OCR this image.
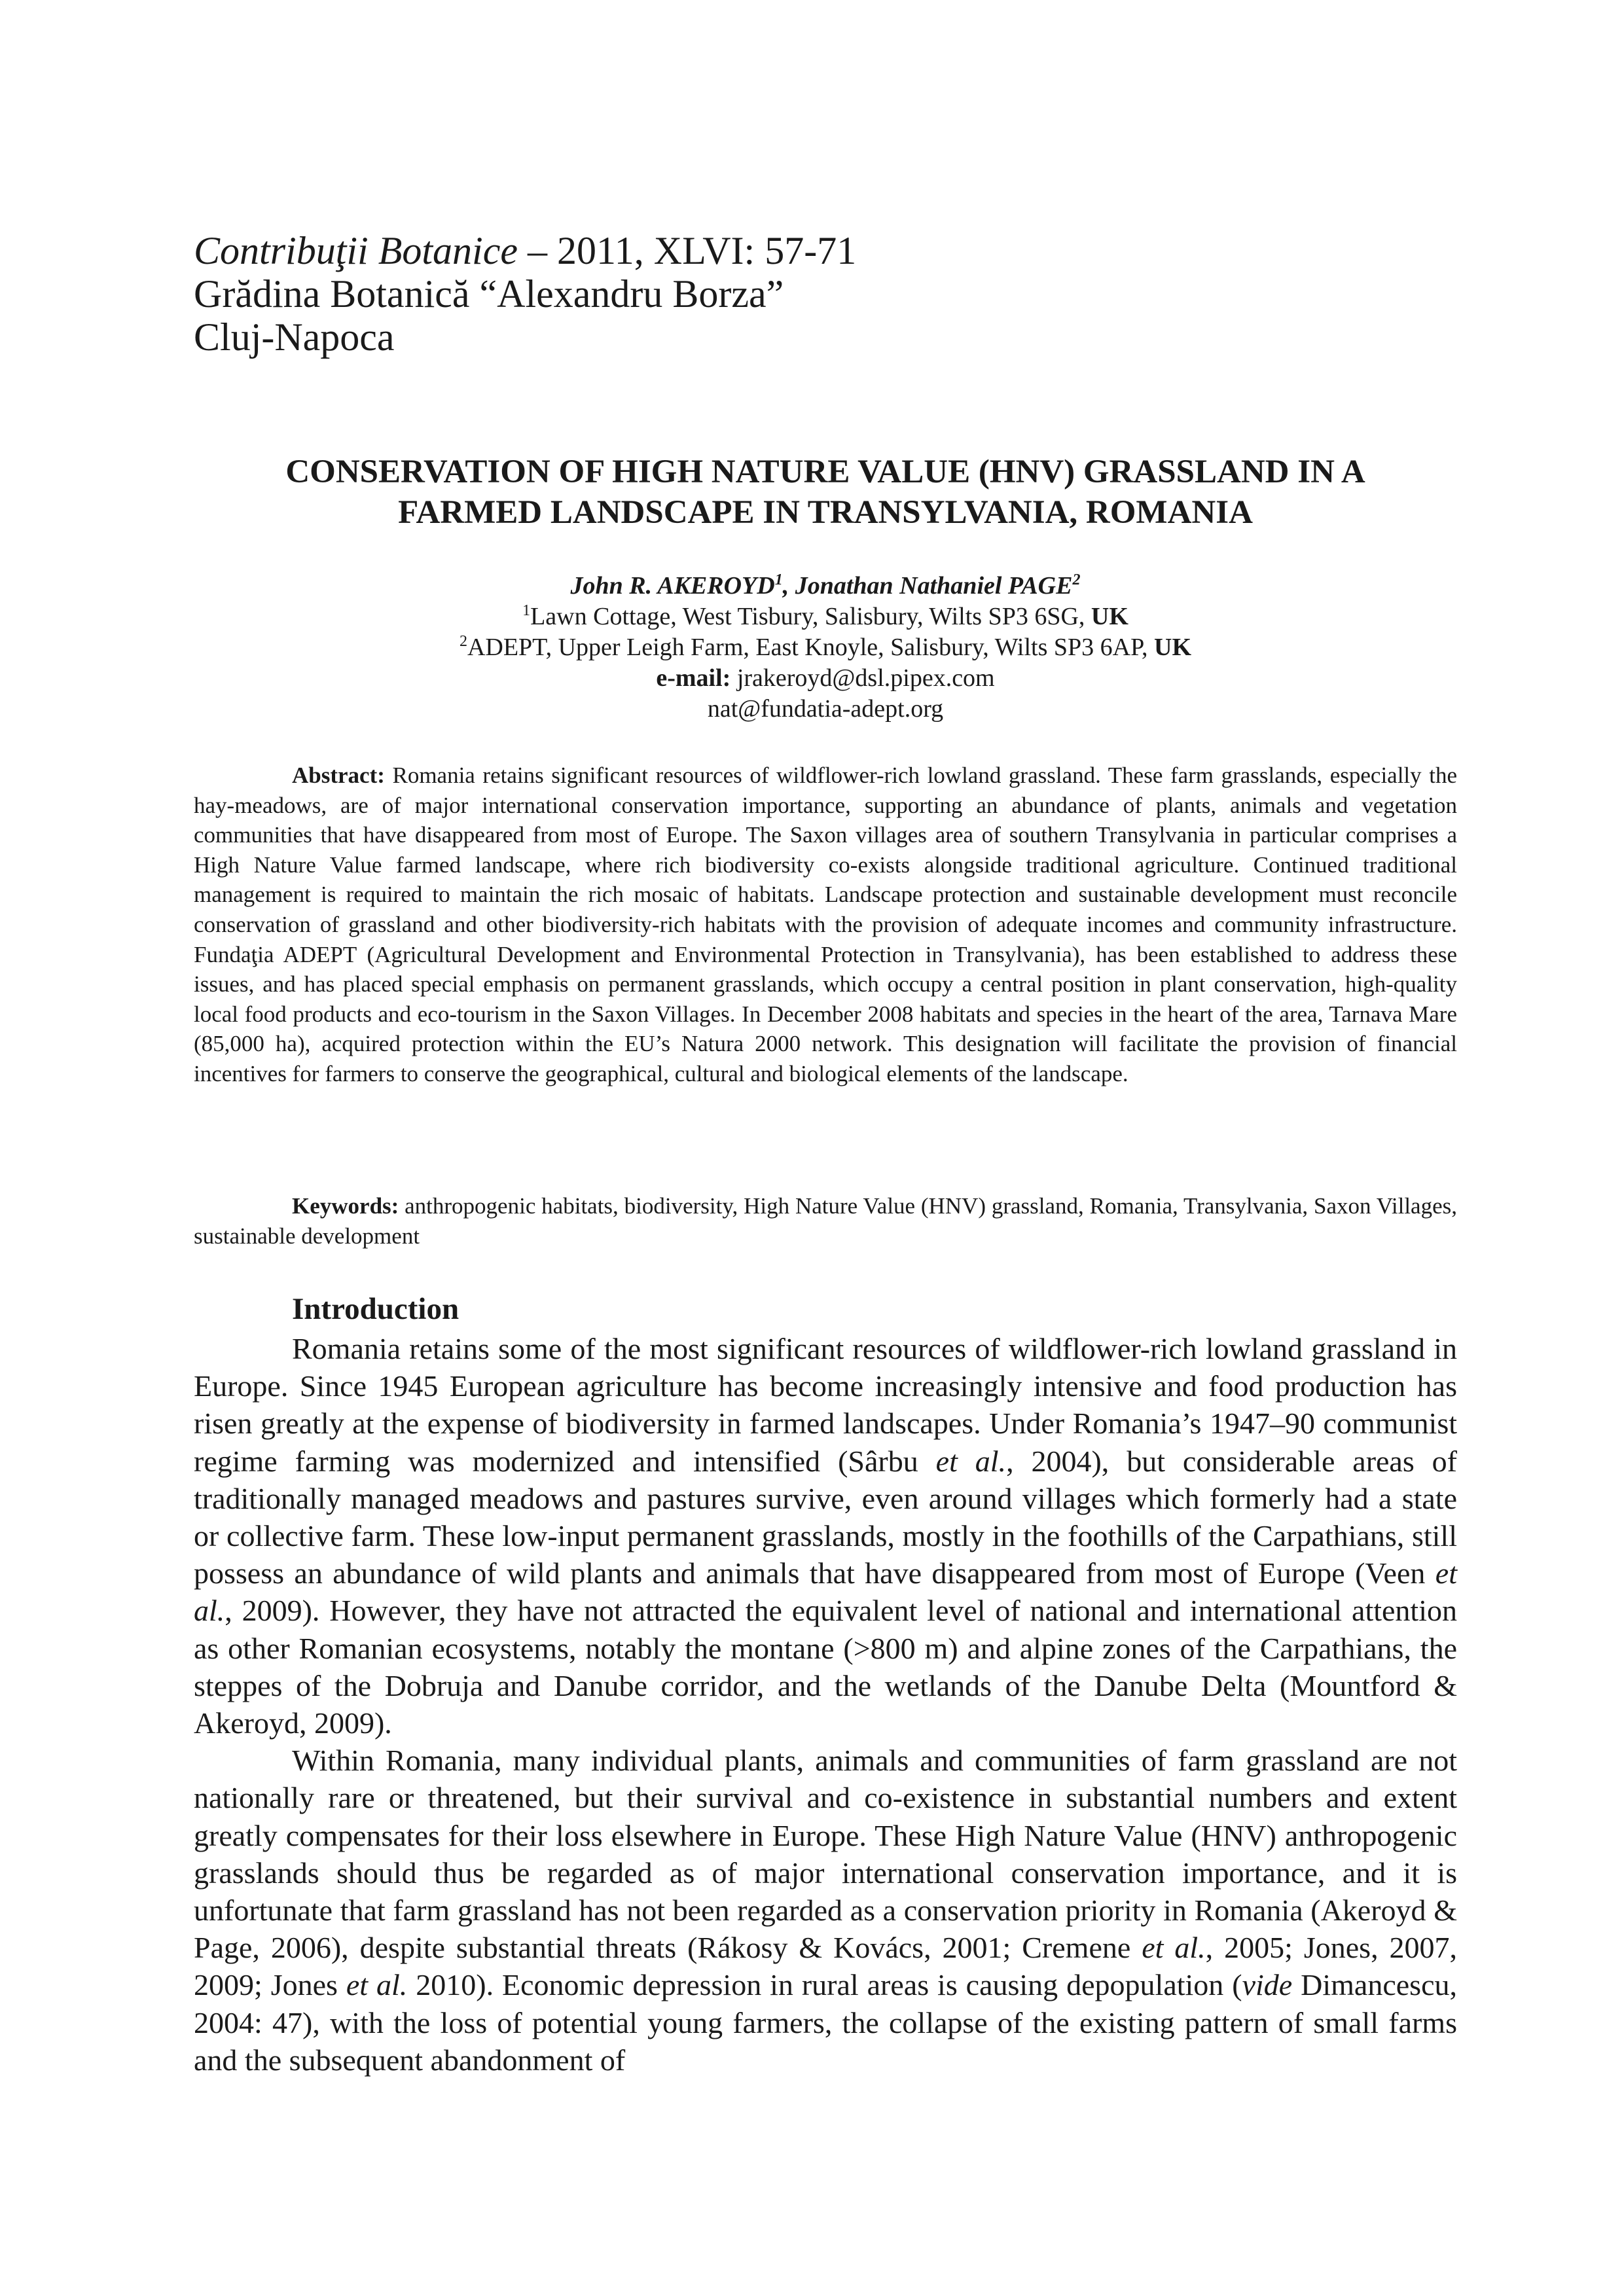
Contribuţii Botanice – 2011, XLVI: 57-71
Grădina Botanică “Alexandru Borza”
Cluj-Napoca
CONSERVATION OF HIGH NATURE VALUE (HNV) GRASSLAND IN A
FARMED LANDSCAPE IN TRANSYLVANIA, ROMANIA
John R. AKEROYD$^1$, Jonathan Nathaniel PAGE$^2$
$^1$Lawn Cottage, West Tisbury, Salisbury, Wilts SP3 6SG, UK
$^2$ADEPT, Upper Leigh Farm, East Knoyle, Salisbury, Wilts SP3 6AP, UK
e-mail: jrakeroyd@dsl.pipex.com
nat@fundatia-adept.org
Abstract: Romania retains significant resources of wildflower-rich lowland grassland. These farm grasslands, especially the hay-meadows, are of major international conservation importance, supporting an abundance of plants, animals and vegetation communities that have disappeared from most of Europe. The Saxon villages area of southern Transylvania in particular comprises a High Nature Value farmed landscape, where rich biodiversity co-exists alongside traditional agriculture. Continued traditional management is required to maintain the rich mosaic of habitats. Landscape protection and sustainable development must reconcile conservation of grassland and other biodiversity-rich habitats with the provision of adequate incomes and community infrastructure. Fundaţia ADEPT (Agricultural Development and Environmental Protection in Transylvania), has been established to address these issues, and has placed special emphasis on permanent grasslands, which occupy a central position in plant conservation, high-quality local food products and eco-tourism in the Saxon Villages. In December 2008 habitats and species in the heart of the area, Tarnava Mare (85,000 ha), acquired protection within the EU’s Natura 2000 network. This designation will facilitate the provision of financial incentives for farmers to conserve the geographical, cultural and biological elements of the landscape.
Keywords: anthropogenic habitats, biodiversity, High Nature Value (HNV) grassland, Romania, Transylvania, Saxon Villages, sustainable development
Introduction

Romania retains some of the most significant resources of wildflower-rich lowland grassland in Europe. Since 1945 European agriculture has become increasingly intensive and food production has risen greatly at the expense of biodiversity in farmed landscapes. Under Romania’s 1947–90 communist regime farming was modernized and intensified (Sârbu et al., 2004), but considerable areas of traditionally managed meadows and pastures survive, even around villages which formerly had a state or collective farm. These low-input permanent grasslands, mostly in the foothills of the Carpathians, still possess an abundance of wild plants and animals that have disappeared from most of Europe (Veen et al., 2009). However, they have not attracted the equivalent level of national and international attention as other Romanian ecosystems, notably the montane (>800 m) and alpine zones of the Carpathians, the steppes of the Dobruja and Danube corridor, and the wetlands of the Danube Delta (Mountford & Akeroyd, 2009).

Within Romania, many individual plants, animals and communities of farm grassland are not nationally rare or threatened, but their survival and co-existence in substantial numbers and extent greatly compensates for their loss elsewhere in Europe. These High Nature Value (HNV) anthropogenic grasslands should thus be regarded as of major international conservation importance, and it is unfortunate that farm grassland has not been regarded as a conservation priority in Romania (Akeroyd & Page, 2006), despite substantial threats (Rákosy & Kovács, 2001; Cremene et al., 2005; Jones, 2007, 2009; Jones et al. 2010). Economic depression in rural areas is causing depopulation (vide Dimancescu, 2004: 47), with the loss of potential young farmers, the collapse of the existing pattern of small farms and the subsequent abandonment of
